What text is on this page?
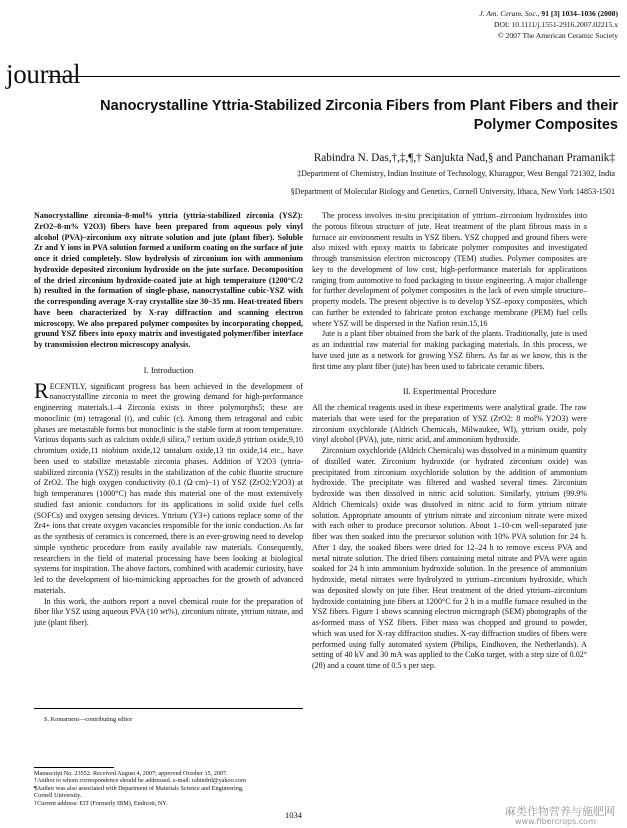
journal
J. Am. Ceram. Soc., 91 [3] 1034–1036 (2008)
DOI: 10.1111/j.1551-2916.2007.02215.x
© 2007 The American Ceramic Society
Nanocrystalline Yttria-Stabilized Zirconia Fibers from Plant Fibers and their Polymer Composites
Rabindra N. Das,†,‡,¶,† Sanjukta Nad,§ and Panchanan Pramanik‡
‡Department of Chemistry, Indian Institute of Technology, Kharagpur, West Bengal 721302, India
§Department of Molecular Biology and Genetics, Cornell University, Ithaca, New York 14853-1501

Nanocrystalline zirconia–8-mol% yttria (yttria-stabilized zirconia (YSZ): ZrO2–8-m% Y2O3) fibers have been prepared from aqueous poly vinyl alcohol (PVA)–zirconium oxy nitrate solution and jute (plant fiber). Soluble Zr and Y ions in PVA solution formed a uniform coating on the surface of jute once it dried completely. Slow hydrolysis of zirconium ion with ammonium hydroxide deposited zirconium hydroxide on the jute surface. Decomposition of the dried zirconium hydroxide-coated jute at high temperature (1200°C/2 h) resulted in the formation of single-phase, nanocrystalline cubic-YSZ with the corresponding average X-ray crystallite size 30–35 nm. Heat-treated fibers have been characterized by X-ray diffraction and scanning electron microscopy. We also prepared polymer composites by incorporating chopped, ground YSZ fibers into epoxy matrix and investigated polymer/fiber interface by transmission electron microscopy analysis.

I. Introduction

RECENTLY, significant progress has been achieved in the development of nanocrystalline zirconia to meet the growing demand for high-performance engineering materials.1–4 Zirconia exists in three polymorphs5; these are monoclinic (m) tetragonal (t), and cubic (c). Among them tetragonal and cubic phases are metastable forms but monoclinic is the stable form at room temperature. Various dopants such as calcium oxide,6 silica,7 cerium oxide,8 yttrium oxide,9,10 chromium oxide,11 niobium oxide,12 tantalum oxide,13 tin oxide,14 etc., have been used to stabilize metastable zirconia phases. Addition of Y2O3 (yttria-stabilized zirconia (YSZ)) results in the stabilization of the cubic fluorite structure of ZrO2. The high oxygen conductivity (0.1 (Ω·cm)−1) of YSZ (ZrO2:Y2O3) at high temperatures (1000°C) has made this material one of the most extensively studied fast anionic conductors for its applications in solid oxide fuel cells (SOFCs) and oxygen sensing devices. Yttrium (Y3+) cations replace some of the Zr4+ ions that create oxygen vacancies responsible for the ionic conduction. As far as the synthesis of ceramics is concerned, there is an ever-growing need to develop simple synthetic procedure from easily available raw materials. Consequently, researchers in the field of material processing have been looking at biological systems for inspiration. The above factors, combined with academic curiosity, have led to the development of bio-mimicking approaches for the growth of advanced materials.

In this work, the authors report a novel chemical route for the preparation of fiber like YSZ using aqueous PVA (10 wt%), zirconium nitrate, yttrium nitrate, and jute (plant fiber).

S. Komarneni—contributing editor
Manuscript No. 23552. Received August 4, 2007; approved October 15, 2007.
†Author to whom correspondence should be addressed. e-mail: rabindrd@yahoo.com
¶Author was also associated with Department of Materials Science and Engineering,
Cornell University.
†Current address: EIT (Formerly IBM), Endicott, NY.

The process involves in-situ precipitation of yttrium–zirconium hydroxides into the porous fibrous structure of jute. Heat treatment of the plant fibrous mass in a furnace air environment results in YSZ fibers. YSZ chopped and ground fibers were also mixed with epoxy matrix to fabricate polymer composites and investigated through transmission electron microscopy (TEM) studies. Polymer composites are key to the development of low cost, high-performance materials for applications ranging from automotive to food packaging to tissue engineering. A major challenge for further development of polymer composites is the lack of even simple structure–property models. The present objective is to develop YSZ–epoxy composites, which can further be extended to fabricate proton exchange membrane (PEM) fuel cells where YSZ will be dispersed in the Nafion resin.15,16

Jute is a plant fiber obtained from the bark of the plants. Traditionally, jute is used as an industrial raw material for making packaging materials. In this process, we have used jute as a network for growing YSZ fibers. As far as we know, this is the first time any plant fiber (jute) has been used to fabricate ceramic fibers.

II. Experimental Procedure

All the chemical reagents used in these experiments were analytical grade. The raw materials that were used for the preparation of YSZ (ZrO2: 8 mol% Y2O3) were zirconium oxychloride (Aldrich Chemicals, Milwaukee, WI), yttrium oxide, poly vinyl alcohol (PVA), jute, nitric acid, and ammonium hydroxide.

Zirconium oxychloride (Aldrich Chemicals) was dissolved in a minimum quantity of distilled water. Zirconium hydroxide (or hydrated zirconium oxide) was precipitated from zirconium oxychloride solution by the addition of ammonium hydroxide. The precipitate was filtered and washed several times. Zirconium hydroxide was then dissolved in nitric acid solution. Similarly, yttrium (99.9% Aldrich Chemicals) oxide was dissolved in nitric acid to form yttrium nitrate solution. Appropriate amounts of yttrium nitrate and zirconium nitrate were mixed with each other to produce precursor solution. About 1–10-cm well-separated jute fiber was then soaked into the precursor solution with 10% PVA solution for 24 h. After 1 day, the soaked fibers were dried for 12–24 h to remove excess PVA and metal nitrate solution. The dried fibers containing metal nitrate and PVA were again soaked for 24 h into ammonium hydroxide solution. In the presence of ammonium hydroxide, metal nitrates were hydrolyzed to yttrium–zirconium hydroxide, which was deposited slowly on jute fiber. Heat treatment of the dried yttrium–zirconium hydroxide containing jute fibers at 1200°C for 2 h in a muffle furnace resulted in the YSZ fibers. Figure 1 shows scanning electron micrograph (SEM) photographs of the as-formed mass of YSZ fibers. Fiber mass was chopped and ground to powder, which was used for X-ray diffraction studies. X-ray diffraction studies of fibers were performed using fully automated system (Philips, Eindhoven, the Netherlands). A setting of 40 kV and 30 mA was applied to the CuKα target, with a step size of 0.02° (2θ) and a count time of 0.5 s per step.

1034	麻类作物营养与施肥网
www.fibercrops.com
